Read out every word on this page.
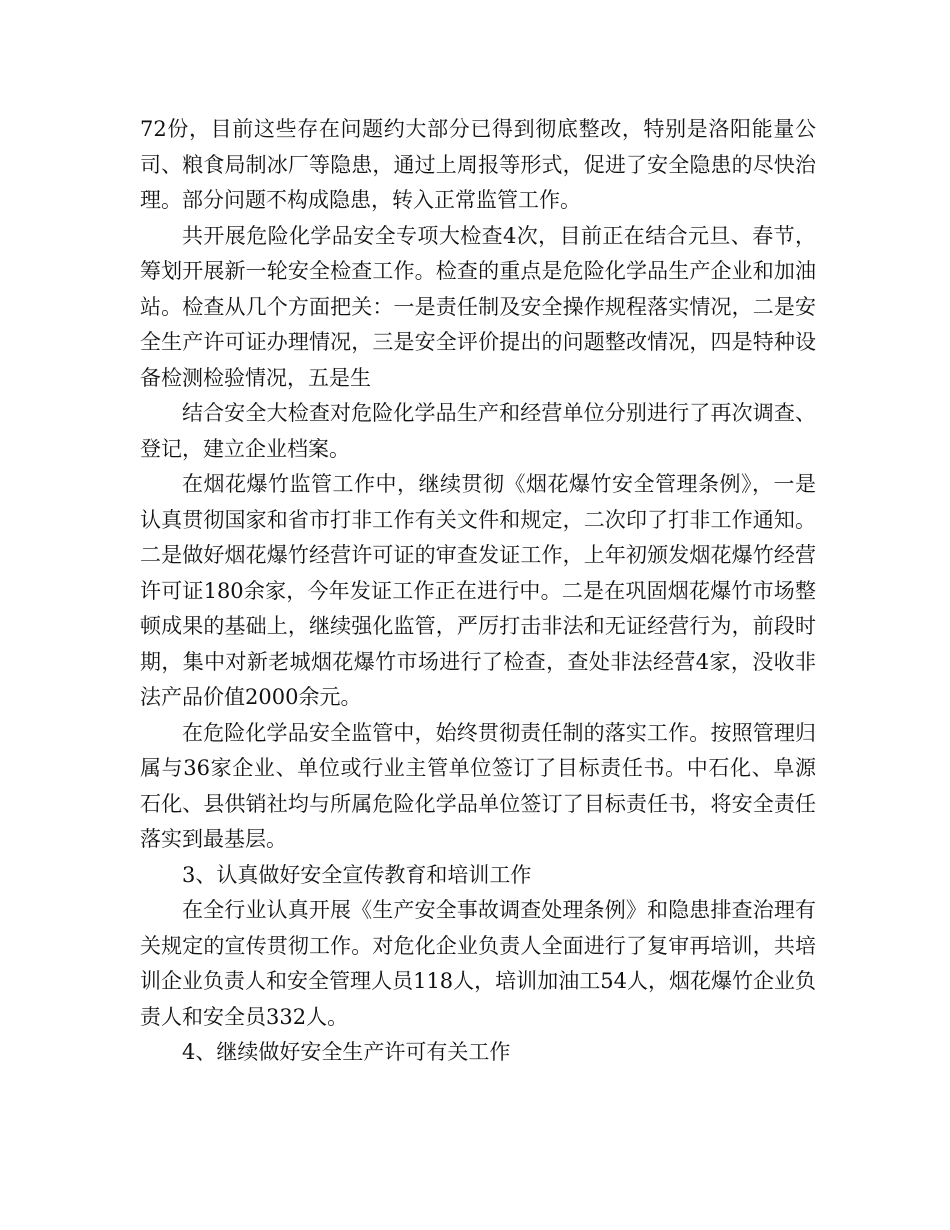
72份，目前这些存在问题约大部分已得到彻底整改，特别是洛阳能量公司、粮食局制冰厂等隐患，通过上周报等形式，促进了安全隐患的尽快治理。部分问题不构成隐患，转入正常监管工作。

共开展危险化学品安全专项大检查4次，目前正在结合元旦、春节，筹划开展新一轮安全检查工作。检查的重点是危险化学品生产企业和加油站。检查从几个方面把关：一是责任制及安全操作规程落实情况，二是安全生产许可证办理情况，三是安全评价提出的问题整改情况，四是特种设备检测检验情况，五是生

结合安全大检查对危险化学品生产和经营单位分别进行了再次调查、登记，建立企业档案。

在烟花爆竹监管工作中，继续贯彻《烟花爆竹安全管理条例》，一是认真贯彻国家和省市打非工作有关文件和规定，二次印了打非工作通知。二是做好烟花爆竹经营许可证的审查发证工作，上年初颁发烟花爆竹经营许可证180余家，今年发证工作正在进行中。二是在巩固烟花爆竹市场整顿成果的基础上，继续强化监管，严厉打击非法和无证经营行为，前段时期，集中对新老城烟花爆竹市场进行了检查，查处非法经营4家，没收非法产品价值2000余元。

在危险化学品安全监管中，始终贯彻责任制的落实工作。按照管理归属与36家企业、单位或行业主管单位签订了目标责任书。中石化、阜源石化、县供销社均与所属危险化学品单位签订了目标责任书，将安全责任落实到最基层。

3、认真做好安全宣传教育和培训工作

在全行业认真开展《生产安全事故调查处理条例》和隐患排查治理有关规定的宣传贯彻工作。对危化企业负责人全面进行了复审再培训，共培训企业负责人和安全管理人员118人，培训加油工54人，烟花爆竹企业负责人和安全员332人。

4、继续做好安全生产许可有关工作
